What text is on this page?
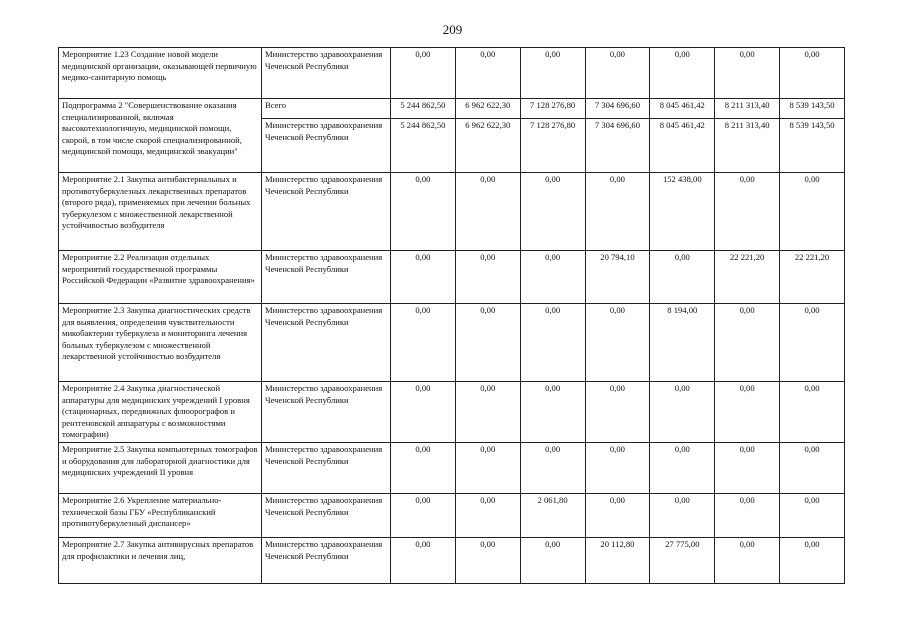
209
Мероприятие 1.23 Создание новой модели медицинской организации, оказывающей первичную медико-санитарную помощь	Министерство здравоохранения Чеченской Республики	0,00	0,00	0,00	0,00	0,00	0,00	0,00
Подпрограмма 2 "Совершенствование оказания специализированной, включая высокотехнологичную, медицинской помощи, скорой, в том числе скорой специализированной, медицинской помощи, медицинской эвакуации"	Всего	5 244 862,50	6 962 622,30	7 128 276,80	7 304 696,60	8 045 461,42	8 211 313,40	8 539 143,50
	Министерство здравоохранения Чеченской Республики	5 244 862,50	6 962 622,30	7 128 276,80	7 304 696,60	8 045 461,42	8 211 313,40	8 539 143,50
Мероприятие 2.1 Закупка антибактериальных и противотуберкулезных лекарственных препаратов (второго ряда), применяемых при лечении больных туберкулезом с множественной лекарственной устойчивостью возбудителя	Министерство здравоохранения Чеченской Республики	0,00	0,00	0,00	0,00	152 438,00	0,00	0,00
Мероприятие 2.2 Реализация отдельных мероприятий государственной программы Российской Федерации «Развитие здравоохранения»	Министерство здравоохранения Чеченской Республики	0,00	0,00	0,00	20 794,10	0,00	22 221,20	22 221,20
Мероприятие 2.3 Закупка диагностических средств для выявления, определения чувствительности микобактерии туберкулеза и мониторинга лечения больных туберкулезом с множественной лекарственной устойчивостью возбудителя	Министерство здравоохранения Чеченской Республики	0,00	0,00	0,00	0,00	8 194,00	0,00	0,00
Мероприятие 2.4 Закупка диагностической аппаратуры для медицинских учреждений I уровня (стационарных, передвижных флюорографов и рентгеновской аппаратуры с возможностями томографии)	Министерство здравоохранения Чеченской Республики	0,00	0,00	0,00	0,00	0,00	0,00	0,00
Мероприятие 2.5 Закупка компьютерных томографов и оборудования для лабораторной диагностики для медицинских учреждений II уровня	Министерство здравоохранения Чеченской Республики	0,00	0,00	0,00	0,00	0,00	0,00	0,00
Мероприятие 2.6 Укрепление материально-технической базы ГБУ «Республиканский противотуберкулезный диспансер»	Министерство здравоохранения Чеченской Республики	0,00	0,00	2 061,80	0,00	0,00	0,00	0,00
Мероприятие 2.7 Закупка антивирусных препаратов для профилактики и лечения лиц,	Министерство здравоохранения Чеченской Республики	0,00	0,00	0,00	20 112,80	27 775,00	0,00	0,00
